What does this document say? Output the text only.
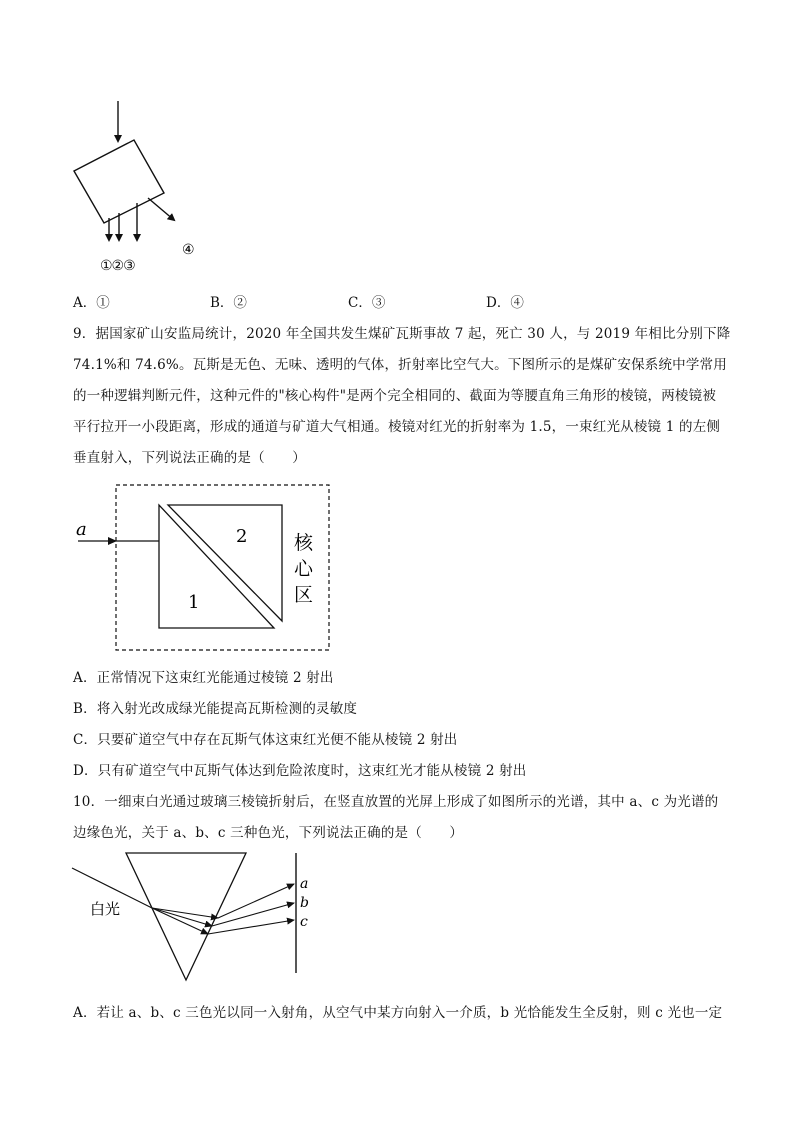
④
①②③
A．①	B．②	C．③	D．④
9．据国家矿山安监局统计，2020 年全国共发生煤矿瓦斯事故 7 起，死亡 30 人，与 2019 年相比分别下降
74.1%和 74.6%。瓦斯是无色、无味、透明的气体，折射率比空气大。下图所示的是煤矿安保系统中学常用
的一种逻辑判断元件，这种元件的"核心构件"是两个完全相同的、截面为等腰直角三角形的棱镜，两棱镜被
平行拉开一小段距离，形成的通道与矿道大气相通。棱镜对红光的折射率为 1.5，一束红光从棱镜 1 的左侧
垂直射入，下列说法正确的是（　　）
a	2
1
核
心
区
A．正常情况下这束红光能通过棱镜 2 射出
B．将入射光改成绿光能提高瓦斯检测的灵敏度
C．只要矿道空气中存在瓦斯气体这束红光便不能从棱镜 2 射出
D．只有矿道空气中瓦斯气体达到危险浓度时，这束红光才能从棱镜 2 射出
10．一细束白光通过玻璃三棱镜折射后，在竖直放置的光屏上形成了如图所示的光谱，其中 a、c 为光谱的
边缘色光，关于 a、b、c 三种色光，下列说法正确的是（　　）
白光
a
b
c
A．若让 a、b、c 三色光以同一入射角，从空气中某方向射入一介质，b 光恰能发生全反射，则 c 光也一定
